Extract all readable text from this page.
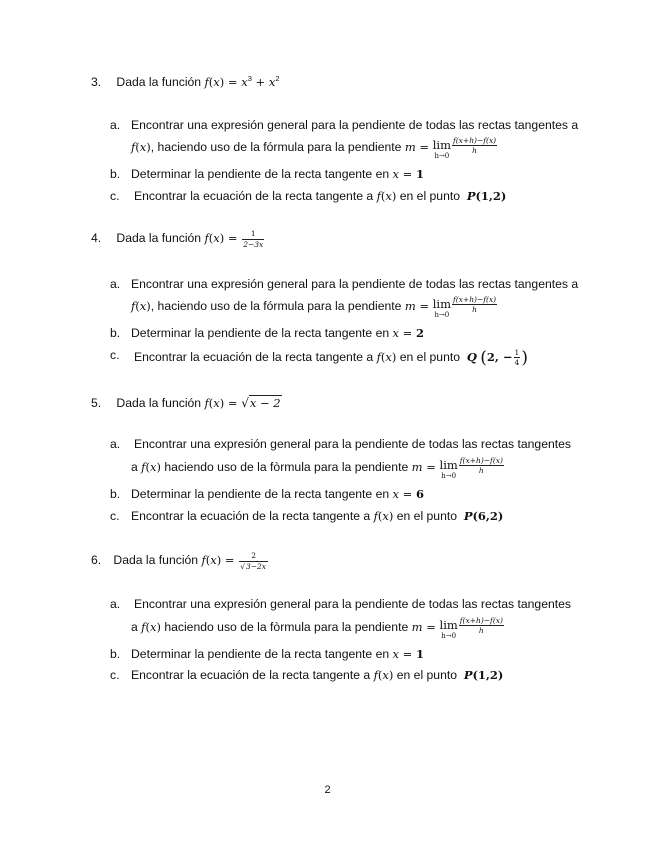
3. Dada la función $f(x) = x^3 + x^2$
a. Encontrar una expresión general para la pendiente de todas las rectas tangentes a
f(x), haciendo uso de la fórmula para la pendiente m = lim
h→0
$\frac{f(x+h)-f(x)}{h}$
b. Determinar la pendiente de la recta tangente en x = 1
c. Encontrar la ecuación de la recta tangente a f(x) en el punto P(1,2)
4. Dada la función $f(x) = \frac{1}{2-3x}$
a. Encontrar una expresión general para la pendiente de todas las rectas tangentes a
f(x), haciendo uso de la fórmula para la pendiente m = lim
h→0
$\frac{f(x+h)-f(x)}{h}$
b. Determinar la pendiente de la recta tangente en x = 2
c. Encontrar la ecuación de la recta tangente a f(x) en el punto Q (2, − $\frac{1}{4}$ )
5. Dada la función f(x) = √x − 2
a. Encontrar una expresión general para la pendiente de todas las rectas tangentes
a f(x) haciendo uso de la fòrmula para la pendiente m = lim
h→0
$\frac{f(x+h)-f(x)}{h}$
b. Determinar la pendiente de la recta tangente en x = 6
c. Encontrar la ecuación de la recta tangente a f(x) en el punto P(6,2)
6. Dada la función $f(x) = \frac{2}{√3-2x}$
a. Encontrar una expresión general para la pendiente de todas las rectas tangentes
a f(x) haciendo uso de la fòrmula para la pendiente m = lim
h→0
$\frac{f(x+h)-f(x)}{h}$
b. Determinar la pendiente de la recta tangente en x = 1
c. Encontrar la ecuación de la recta tangente a f(x) en el punto P(1,2)
2
